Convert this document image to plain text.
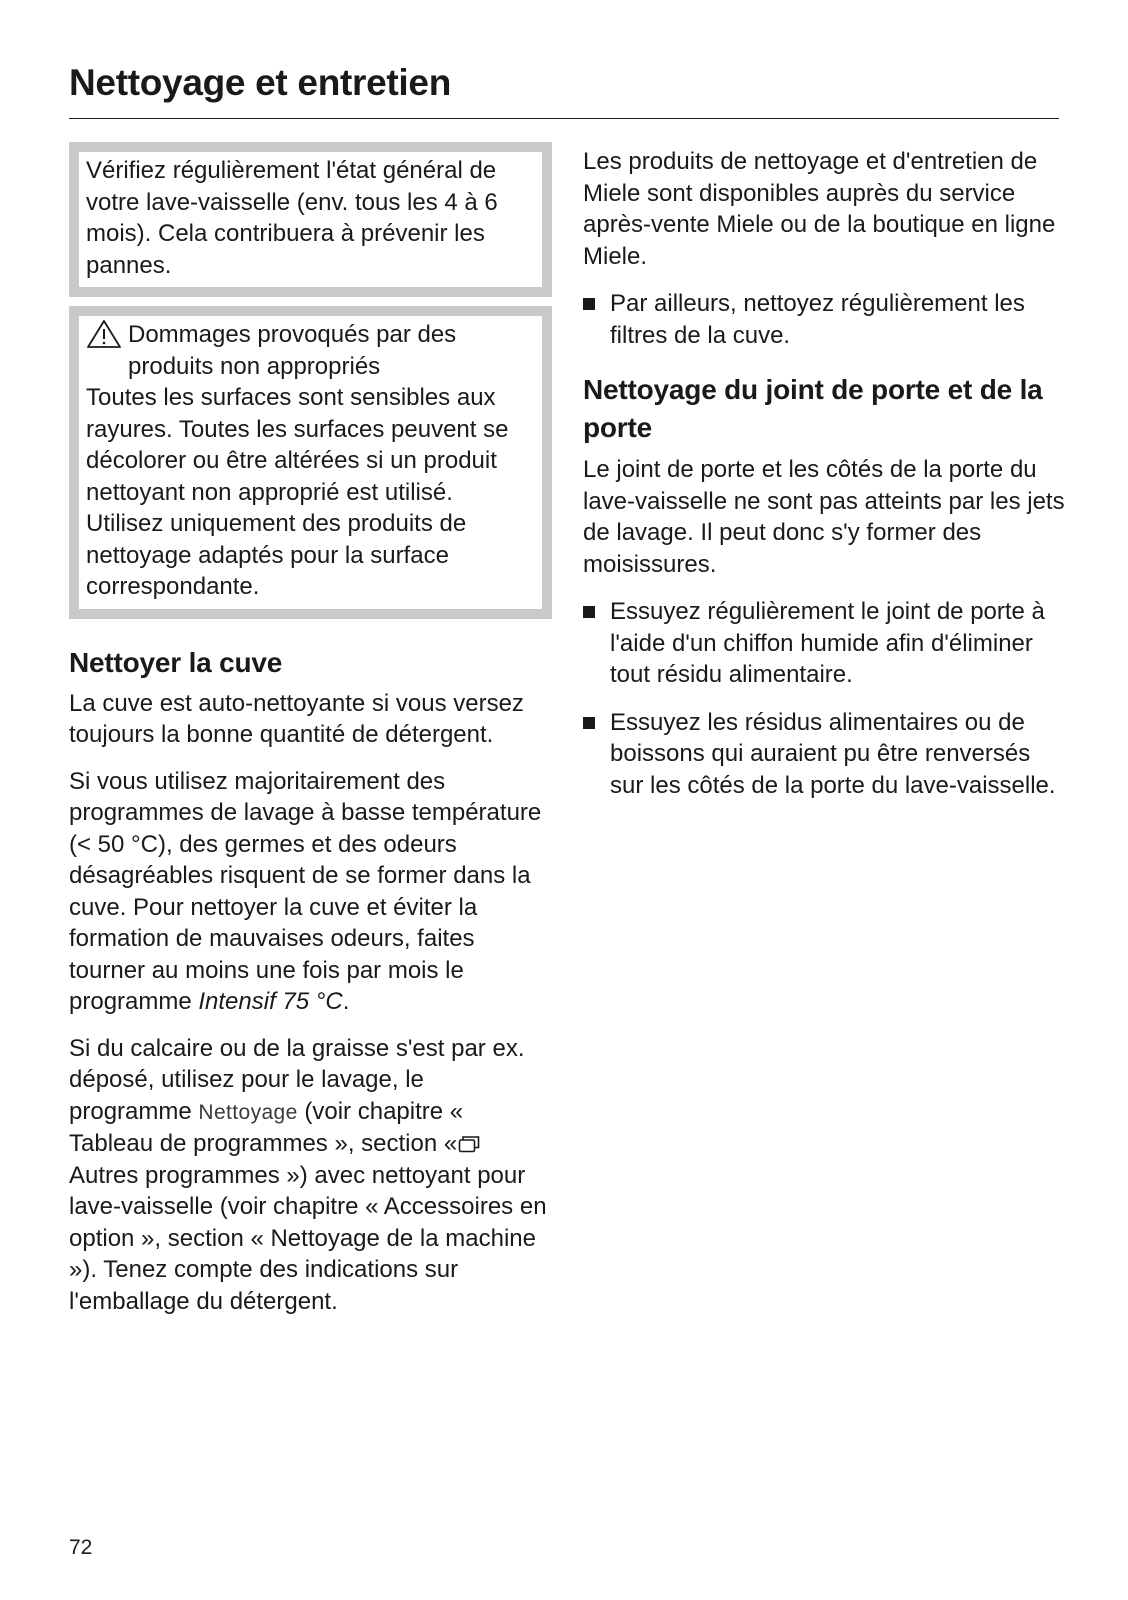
Nettoyage et entretien

Vérifiez régulièrement l'état général de votre lave-vaisselle (env. tous les 4 à 6 mois). Cela contribuera à prévenir les pannes.

Dommages provoqués par des produits non appropriés

Toutes les surfaces sont sensibles aux rayures. Toutes les surfaces peuvent se décolorer ou être altérées si un produit nettoyant non approprié est utilisé.

Utilisez uniquement des produits de nettoyage adaptés pour la surface correspondante.

Nettoyer la cuve

La cuve est auto-nettoyante si vous versez toujours la bonne quantité de détergent.

Si vous utilisez majoritairement des programmes de lavage à basse température (< 50 °C), des germes et des odeurs désagréables risquent de se former dans la cuve. Pour nettoyer la cuve et éviter la formation de mauvaises odeurs, faites tourner au moins une fois par mois le programme Intensif 75 °C.

Si du calcaire ou de la graisse s'est par ex. déposé, utilisez pour le lavage, le programme Nettoyage (voir chapitre « Tableau de programmes », section « Autres programmes ») avec nettoyant pour lave-vaisselle (voir chapitre « Accessoires en option », section « Nettoyage de la machine »). Tenez compte des indications sur l'emballage du détergent.

Les produits de nettoyage et d'entretien de Miele sont disponibles auprès du service après-vente Miele ou de la boutique en ligne Miele.

Par ailleurs, nettoyez régulièrement les filtres de la cuve.
Nettoyage du joint de porte et de la porte

Le joint de porte et les côtés de la porte du lave-vaisselle ne sont pas atteints par les jets de lavage. Il peut donc s'y former des moisissures.

Essuyez régulièrement le joint de porte à l'aide d'un chiffon humide afin d'éliminer tout résidu alimentaire.
Essuyez les résidus alimentaires ou de boissons qui auraient pu être renversés sur les côtés de la porte du lave-vaisselle.
72
